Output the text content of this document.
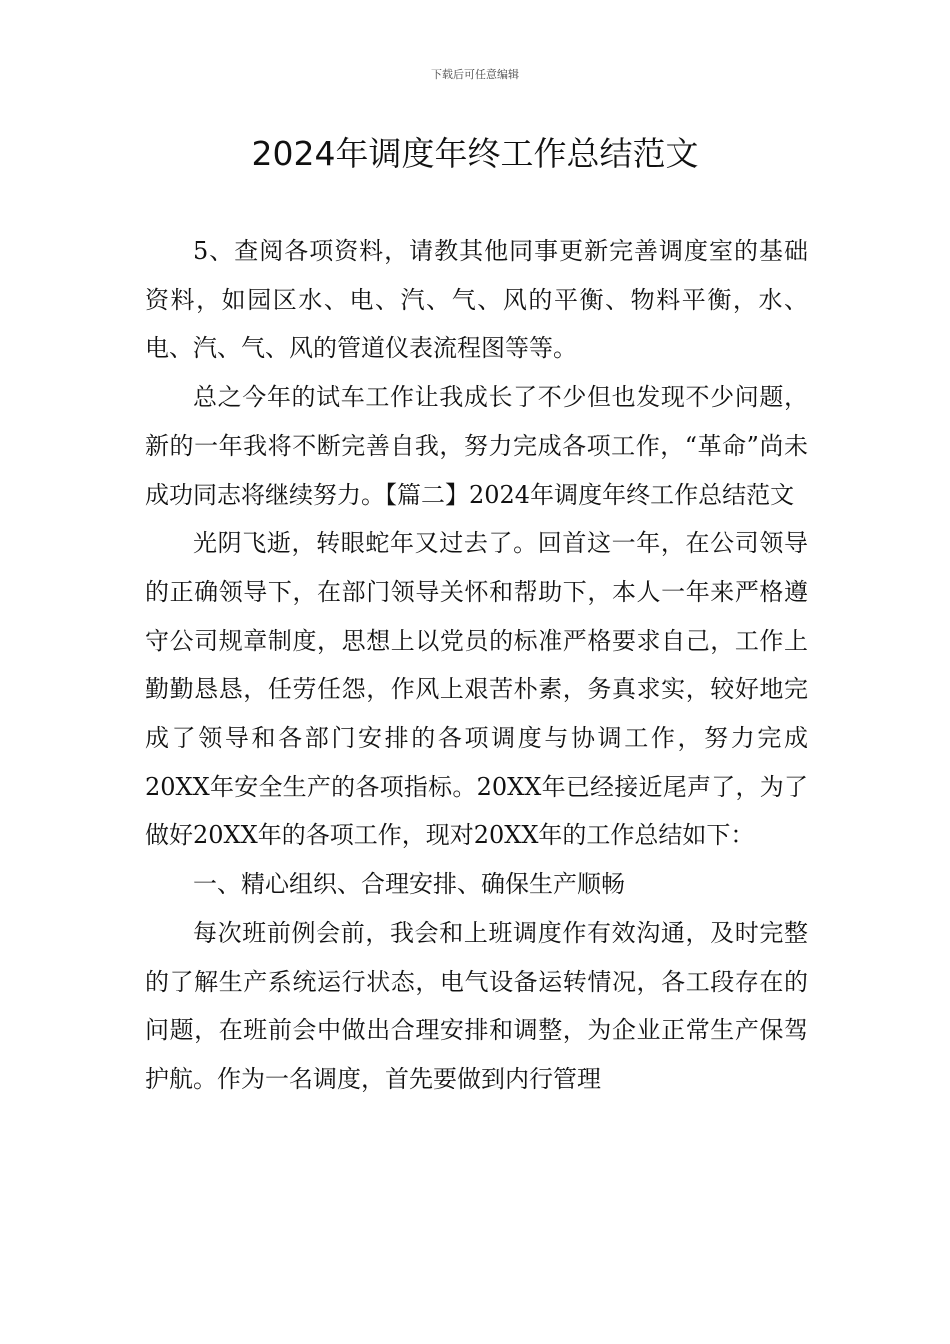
下载后可任意编辑
2024年调度年终工作总结范文

5、查阅各项资料，请教其他同事更新完善调度室的基础资料，如园区水、电、汽、气、风的平衡、物料平衡，水、电、汽、气、风的管道仪表流程图等等。

总之今年的试车工作让我成长了不少但也发现不少问题，新的一年我将不断完善自我，努力完成各项工作，“革命”尚未成功同志将继续努力。【篇二】2024年调度年终工作总结范文

光阴飞逝，转眼蛇年又过去了。回首这一年，在公司领导的正确领导下，在部门领导关怀和帮助下，本人一年来严格遵守公司规章制度，思想上以党员的标准严格要求自己，工作上勤勤恳恳，任劳任怨，作风上艰苦朴素，务真求实，较好地完成了领导和各部门安排的各项调度与协调工作，努力完成20XX年安全生产的各项指标。20XX年已经接近尾声了，为了做好20XX年的各项工作，现对20XX年的工作总结如下：

一、精心组织、合理安排、确保生产顺畅

每次班前例会前，我会和上班调度作有效沟通，及时完整的了解生产系统运行状态，电气设备运转情况，各工段存在的问题，在班前会中做出合理安排和调整，为企业正常生产保驾护航。作为一名调度，首先要做到内行管理
